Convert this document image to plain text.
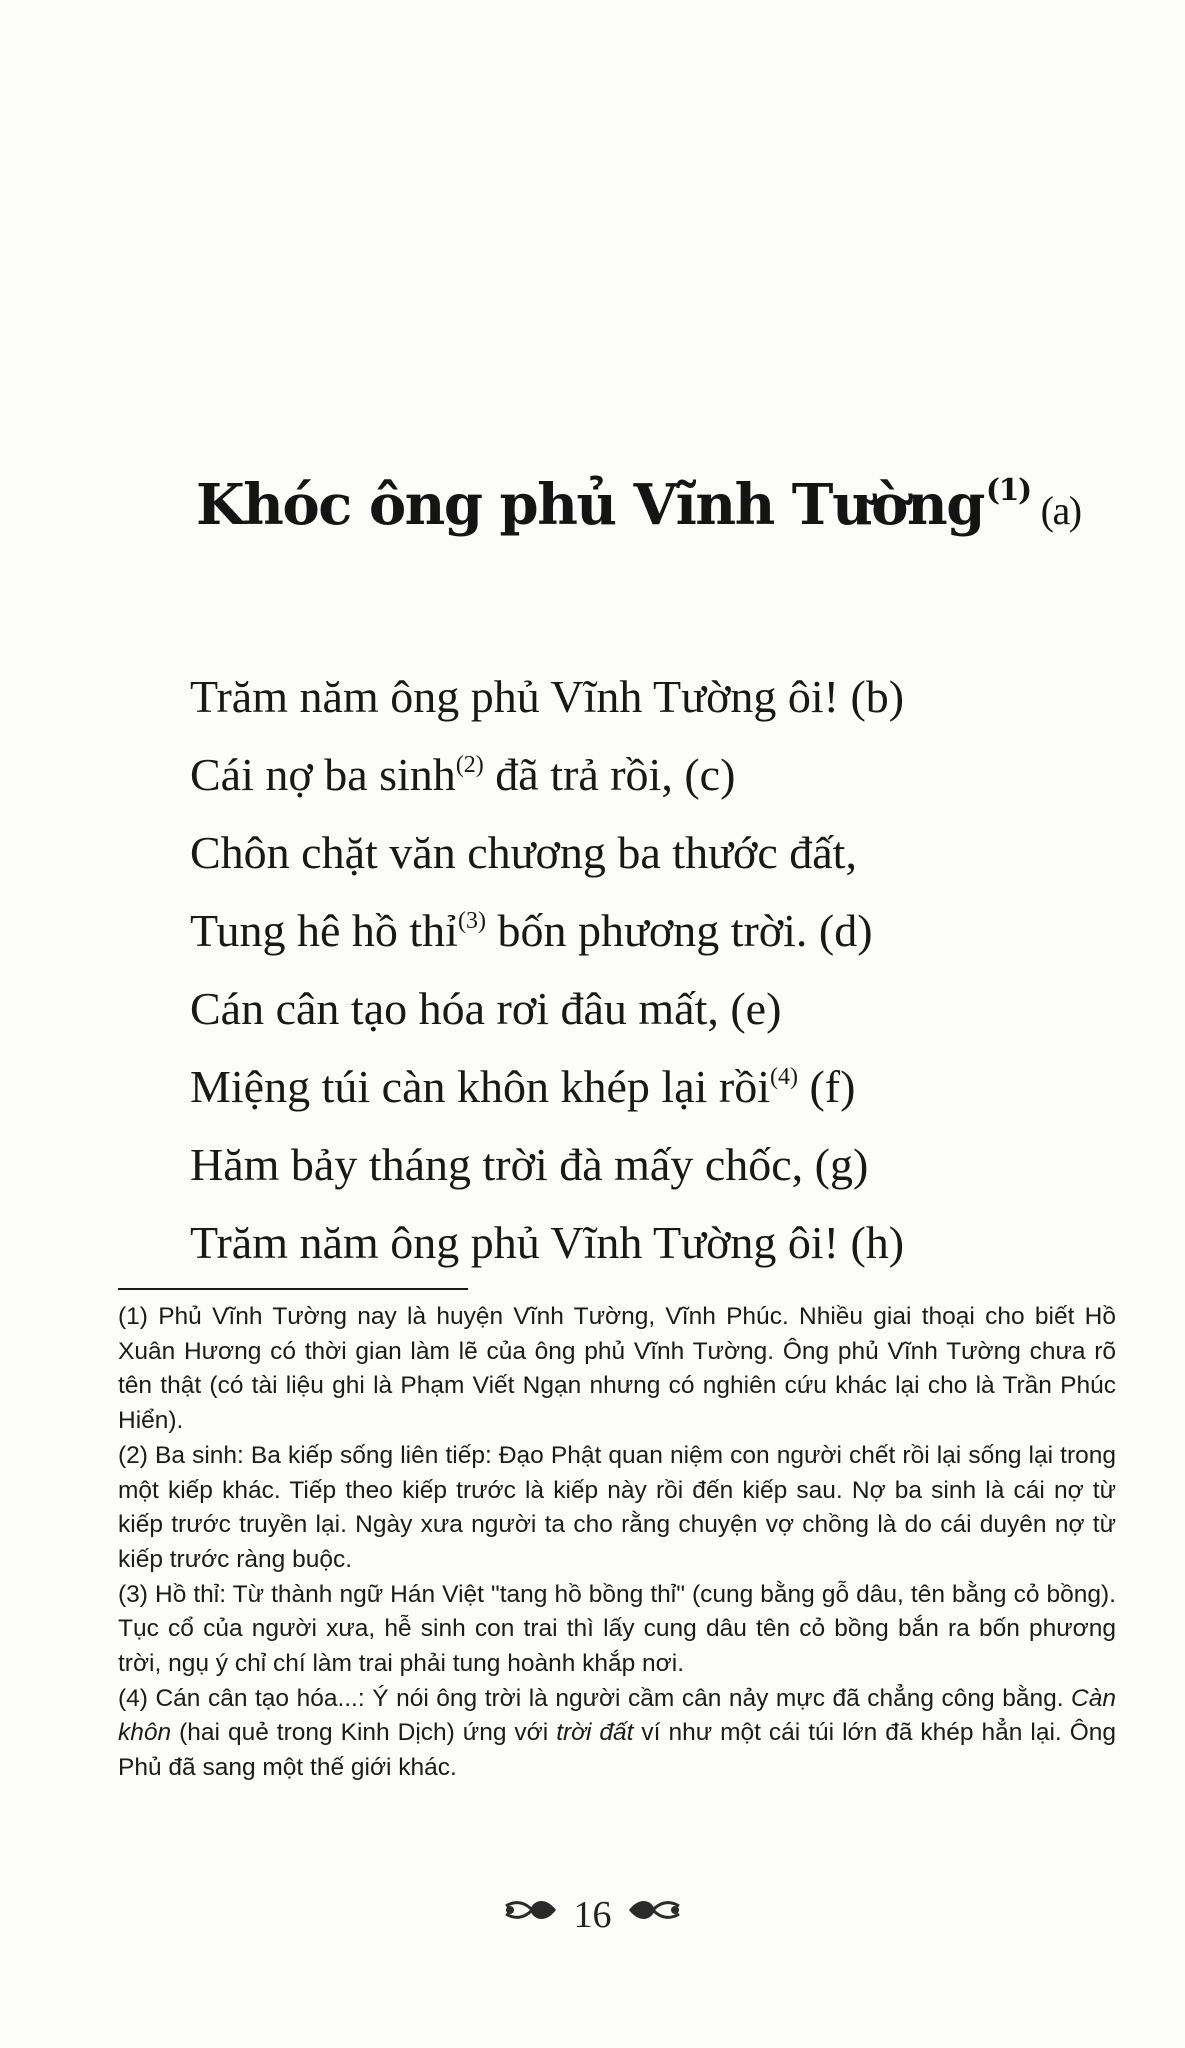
Khóc ông phủ Vĩnh Tường$^{(1)}$ (a)
Trăm năm ông phủ Vĩnh Tường ôi! (b)
Cái nợ ba $\sinh^{(2)}$ đã trả rồi, (c)
Chôn chặt văn chương ba thước đất,
Tung hê hồ thỉ$^{(3)}$ bốn phương trời. (d)
Cán cân tạo hóa rơi đâu mất, (e)
Miệng túi càn khôn khép lại rồi$^{(4)}$ (f)
Hăm bảy tháng trời đà mấy chốc, (g)
Trăm năm ông phủ Vĩnh Tường ôi! (h)

(1) Phủ Vĩnh Tường nay là huyện Vĩnh Tường, Vĩnh Phúc. Nhiều giai thoại cho biết Hồ Xuân Hương có thời gian làm lẽ của ông phủ Vĩnh Tường. Ông phủ Vĩnh Tường chưa rõ tên thật (có tài liệu ghi là Phạm Viết Ngạn nhưng có nghiên cứu khác lại cho là Trần Phúc Hiển).

(2) Ba sinh: Ba kiếp sống liên tiếp: Đạo Phật quan niệm con người chết rồi lại sống lại trong một kiếp khác. Tiếp theo kiếp trước là kiếp này rồi đến kiếp sau. Nợ ba sinh là cái nợ từ kiếp trước truyền lại. Ngày xưa người ta cho rằng chuyện vợ chồng là do cái duyên nợ từ kiếp trước ràng buộc.

(3) Hồ thỉ: Từ thành ngữ Hán Việt "tang hồ bồng thỉ" (cung bằng gỗ dâu, tên bằng cỏ bồng). Tục cổ của người xưa, hễ sinh con trai thì lấy cung dâu tên cỏ bồng bắn ra bốn phương trời, ngụ ý chỉ chí làm trai phải tung hoành khắp nơi.

(4) Cán cân tạo hóa...: Ý nói ông trời là người cầm cân nảy mực đã chẳng công bằng. Càn khôn (hai quẻ trong Kinh Dịch) ứng với trời đất ví như một cái túi lớn đã khép hẳn lại. Ông Phủ đã sang một thế giới khác.

16
